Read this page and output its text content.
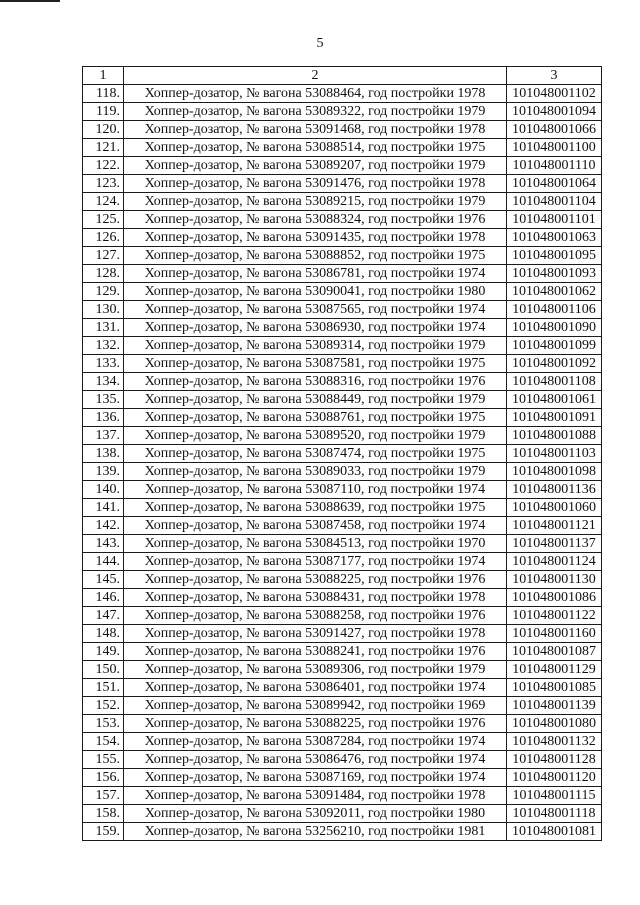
5
1	2	3
118.	Хоппер-дозатор, № вагона 53088464, год постройки 1978	101048001102
119.	Хоппер-дозатор, № вагона 53089322, год постройки 1979	101048001094
120.	Хоппер-дозатор, № вагона 53091468, год постройки 1978	101048001066
121.	Хоппер-дозатор, № вагона 53088514, год постройки 1975	101048001100
122.	Хоппер-дозатор, № вагона 53089207, год постройки 1979	101048001110
123.	Хоппер-дозатор, № вагона 53091476, год постройки 1978	101048001064
124.	Хоппер-дозатор, № вагона 53089215, год постройки 1979	101048001104
125.	Хоппер-дозатор, № вагона 53088324, год постройки 1976	101048001101
126.	Хоппер-дозатор, № вагона 53091435, год постройки 1978	101048001063
127.	Хоппер-дозатор, № вагона 53088852, год постройки 1975	101048001095
128.	Хоппер-дозатор, № вагона 53086781, год постройки 1974	101048001093
129.	Хоппер-дозатор, № вагона 53090041, год постройки 1980	101048001062
130.	Хоппер-дозатор, № вагона 53087565, год постройки 1974	101048001106
131.	Хоппер-дозатор, № вагона 53086930, год постройки 1974	101048001090
132.	Хоппер-дозатор, № вагона 53089314, год постройки 1979	101048001099
133.	Хоппер-дозатор, № вагона 53087581, год постройки 1975	101048001092
134.	Хоппер-дозатор, № вагона 53088316, год постройки 1976	101048001108
135.	Хоппер-дозатор, № вагона 53088449, год постройки 1979	101048001061
136.	Хоппер-дозатор, № вагона 53088761, год постройки 1975	101048001091
137.	Хоппер-дозатор, № вагона 53089520, год постройки 1979	101048001088
138.	Хоппер-дозатор, № вагона 53087474, год постройки 1975	101048001103
139.	Хоппер-дозатор, № вагона 53089033, год постройки 1979	101048001098
140.	Хоппер-дозатор, № вагона 53087110, год постройки 1974	101048001136
141.	Хоппер-дозатор, № вагона 53088639, год постройки 1975	101048001060
142.	Хоппер-дозатор, № вагона 53087458, год постройки 1974	101048001121
143.	Хоппер-дозатор, № вагона 53084513, год постройки 1970	101048001137
144.	Хоппер-дозатор, № вагона 53087177, год постройки 1974	101048001124
145.	Хоппер-дозатор, № вагона 53088225, год постройки 1976	101048001130
146.	Хоппер-дозатор, № вагона 53088431, год постройки 1978	101048001086
147.	Хоппер-дозатор, № вагона 53088258, год постройки 1976	101048001122
148.	Хоппер-дозатор, № вагона 53091427, год постройки 1978	101048001160
149.	Хоппер-дозатор, № вагона 53088241, год постройки 1976	101048001087
150.	Хоппер-дозатор, № вагона 53089306, год постройки 1979	101048001129
151.	Хоппер-дозатор, № вагона 53086401, год постройки 1974	101048001085
152.	Хоппер-дозатор, № вагона 53089942, год постройки 1969	101048001139
153.	Хоппер-дозатор, № вагона 53088225, год постройки 1976	101048001080
154.	Хоппер-дозатор, № вагона 53087284, год постройки 1974	101048001132
155.	Хоппер-дозатор, № вагона 53086476, год постройки 1974	101048001128
156.	Хоппер-дозатор, № вагона 53087169, год постройки 1974	101048001120
157.	Хоппер-дозатор, № вагона 53091484, год постройки 1978	101048001115
158.	Хоппер-дозатор, № вагона 53092011, год постройки 1980	101048001118
159.	Хоппер-дозатор, № вагона 53256210, год постройки 1981	101048001081
